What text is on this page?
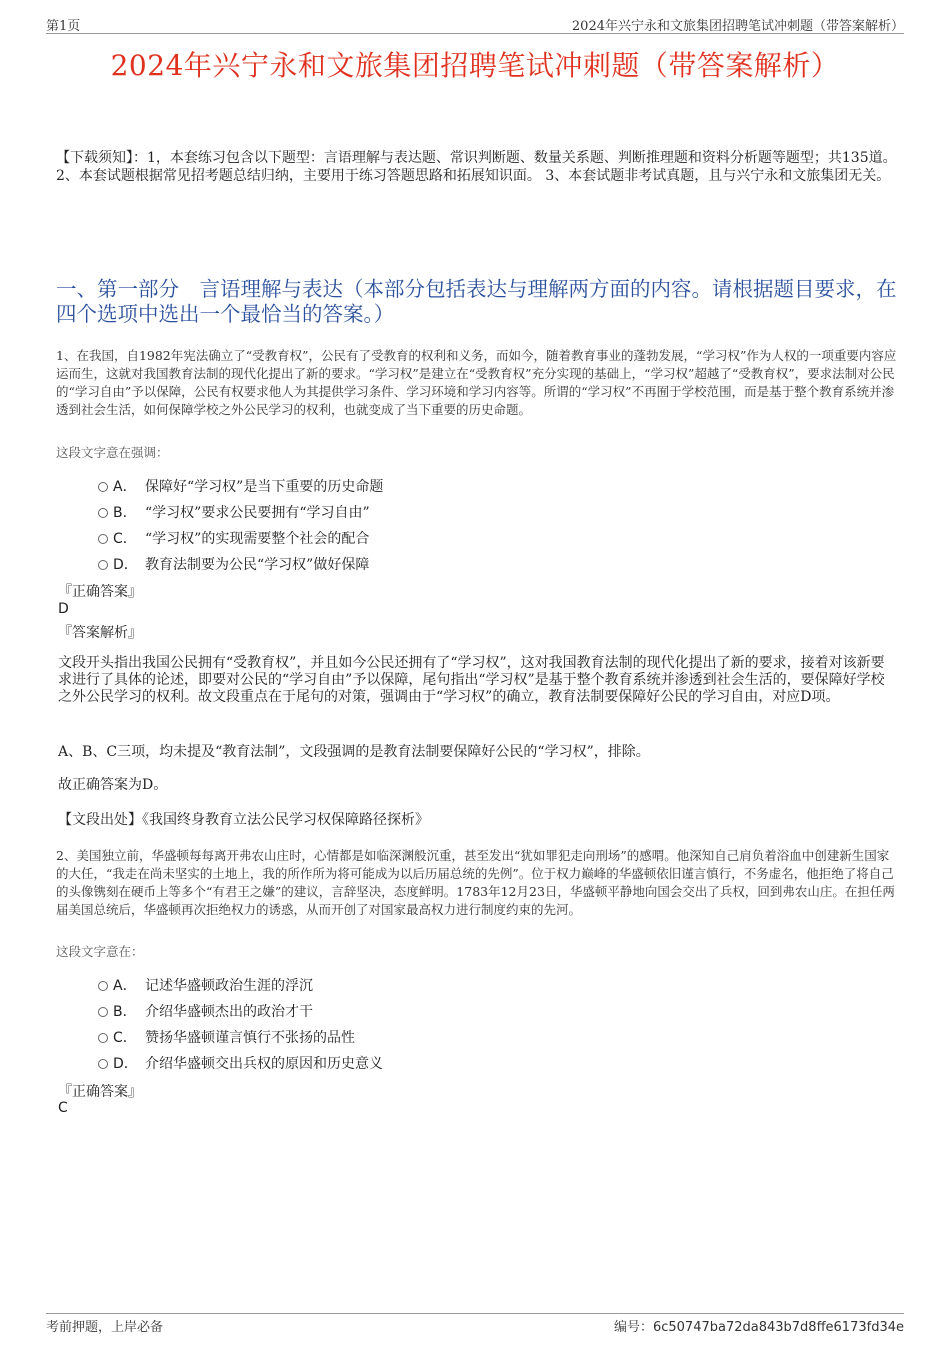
第1页	2024年兴宁永和文旅集团招聘笔试冲刺题（带答案解析）
2024年兴宁永和文旅集团招聘笔试冲刺题（带答案解析）

【下载须知】：1，本套练习包含以下题型：言语理解与表达题、常识判断题、数量关系题、判断推理题和资料分析题等题型；共135道。 2、本套试题根据常见招考题总结归纳，主要用于练习答题思路和拓展知识面。 3、本套试题非考试真题，且与兴宁永和文旅集团无关。

一、第一部分　言语理解与表达（本部分包括表达与理解两方面的内容。请根据题目要求，在四个选项中选出一个最恰当的答案。）

1、在我国，自1982年宪法确立了“受教育权”，公民有了受教育的权利和义务，而如今，随着教育事业的蓬勃发展，“学习权”作为人权的一项重要内容应运而生，这就对我国教育法制的现代化提出了新的要求。“学习权”是建立在“受教育权”充分实现的基础上，“学习权”超越了“受教育权”，要求法制对公民的“学习自由”予以保障，公民有权要求他人为其提供学习条件、学习环境和学习内容等。所谓的“学习权”不再囿于学校范围，而是基于整个教育系统并渗透到社会生活，如何保障学校之外公民学习的权利，也就变成了当下重要的历史命题。

这段文字意在强调：

A． 保障好“学习权”是当下重要的历史命题
B． “学习权”要求公民要拥有“学习自由”
C． “学习权”的实现需要整个社会的配合
D． 教育法制要为公民“学习权”做好保障

『正确答案』

D

『答案解析』

文段开头指出我国公民拥有“受教育权”，并且如今公民还拥有了“学习权”，这对我国教育法制的现代化提出了新的要求，接着对该新要求进行了具体的论述，即要对公民的“学习自由”予以保障，尾句指出“学习权”是基于整个教育系统并渗透到社会生活的，要保障好学校之外公民学习的权利。故文段重点在于尾句的对策，强调由于“学习权”的确立，教育法制要保障好公民的学习自由，对应D项。

A、B、C三项，均未提及“教育法制”，文段强调的是教育法制要保障好公民的“学习权”，排除。

故正确答案为D。

【文段出处】《我国终身教育立法公民学习权保障路径探析》

2、美国独立前，华盛顿每每离开弗农山庄时，心情都是如临深渊般沉重，甚至发出“犹如罪犯走向刑场”的感喟。他深知自己肩负着浴血中创建新生国家的大任，“我走在尚未坚实的土地上，我的所作所为将可能成为以后历届总统的先例”。位于权力巅峰的华盛顿依旧谨言慎行，不务虚名，他拒绝了将自己的头像镌刻在硬币上等多个“有君王之嫌”的建议，言辞坚决，态度鲜明。1783年12月23日，华盛顿平静地向国会交出了兵权，回到弗农山庄。在担任两届美国总统后，华盛顿再次拒绝权力的诱惑，从而开创了对国家最高权力进行制度约束的先河。

这段文字意在：

A． 记述华盛顿政治生涯的浮沉
B． 介绍华盛顿杰出的政治才干
C． 赞扬华盛顿谨言慎行不张扬的品性
D． 介绍华盛顿交出兵权的原因和历史意义

『正确答案』

C

考前押题，上岸必备	编号：6c50747ba72da843b7d8ffe6173fd34e
